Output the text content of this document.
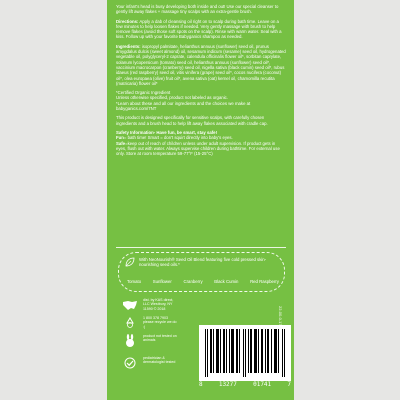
Your infant's head is busy developing both inside and out! Use our special cleanser to gently lift away flakes + massage tiny scalps with an extra-gentle brush.

Directions: Apply a dab of cleansing oil right on to scalp during bath time. Leave on a few minutes to help loosen flakes if needed. Very gently massage with brush to help remove flakes (avoid those soft spots on the scalp). Rinse with warm water. Seal with a kiss. Follow up with your favorite Babyganics shampoo as needed.

Ingredients: isopropyl palmitate, helianthus annuus (sunflower) seed oil, prunus amygdalus dulcis (sweet almond) oil, sesamum indicum (sesame) seed oil, hydrogenated vegetable oil, polyglyceryl-2 caprate, calendula officinalis flower oil*, sorbitan caprylate, solanum lycopersicum (tomato) seed oil, helianthus annuus (sunflower) seed oil*, vaccinium macrocarpon (cranberry) seed oil, nigella sativa (black cumin) seed oil*, rubus idaeus (red raspberry) seed oil, vitis vinifera (grape) seed oil*, cocos nucifera (coconut) oil*, olea europaea (olive) fruit oil*, avena sativa (oat) kernel oil, chamomilla recutita (matricaria) flower oil*

*Certified Organic Ingredient
Unless otherwise specified, product not labeled as organic.
*Learn about these and all our ingredients and the choices we make at babyganics.com/7NT

This product is designed specifically for sensitive scalps, with carefully chosen ingredients and a brush head to help lift away flakes associated with cradle cap.

Safety Information- Have fun, be smart, stay safe!
Fun= bath time! Smart = don't squirt directly into baby's eyes.
Safe=keep out of reach of children unless under adult supervision. If product gets in eyes, flush out with water. Always supervise children during bathtime. For external use only. Store at room temperature 59-77°F (15-25°C)

With NeoNourish® Seed Oil Blend featuring five cold pressed skin-nourishing seed oils.*
Tomato	Sunflower	Cranberry	Black Cumin	Red Raspberry
dist. by KAS direct, LLC Westbury, NY 11590 © 2018
1 800 378 7903 please recycle we do :)
product not tested on animals
pediatrician & dermatologist tested
8	13277	01741	7
22-00-0-17
